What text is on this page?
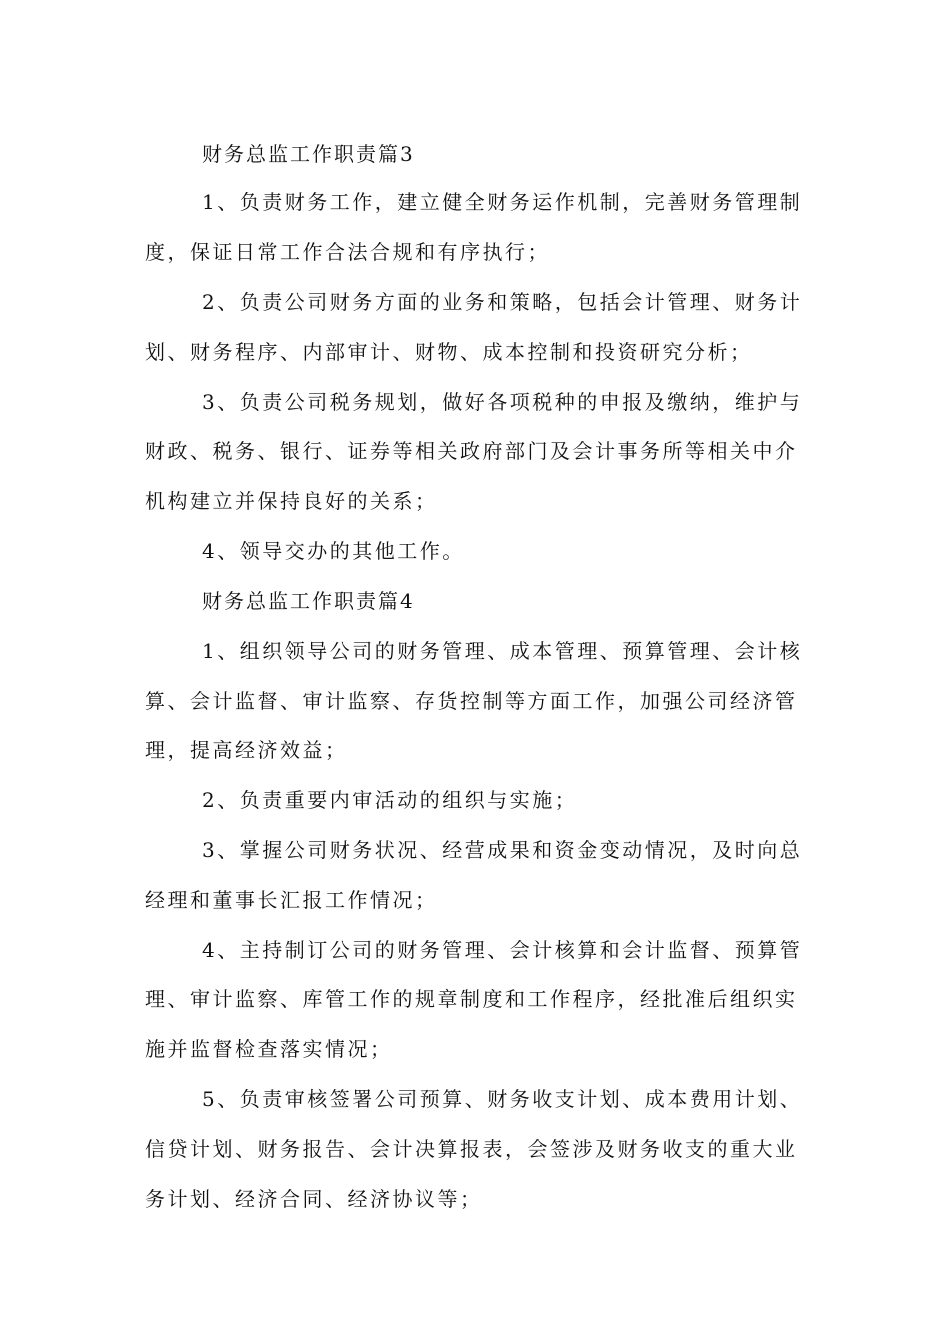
财务总监工作职责篇3
1、负责财务工作，建立健全财务运作机制，完善财务管理制
度，保证日常工作合法合规和有序执行；
2、负责公司财务方面的业务和策略，包括会计管理、财务计
划、财务程序、内部审计、财物、成本控制和投资研究分析；
3、负责公司税务规划，做好各项税种的申报及缴纳，维护与
财政、税务、银行、证券等相关政府部门及会计事务所等相关中介
机构建立并保持良好的关系；
4、领导交办的其他工作。
财务总监工作职责篇4
1、组织领导公司的财务管理、成本管理、预算管理、会计核
算、会计监督、审计监察、存货控制等方面工作，加强公司经济管
理，提高经济效益；
2、负责重要内审活动的组织与实施；
3、掌握公司财务状况、经营成果和资金变动情况，及时向总
经理和董事长汇报工作情况；
4、主持制订公司的财务管理、会计核算和会计监督、预算管
理、审计监察、库管工作的规章制度和工作程序，经批准后组织实
施并监督检查落实情况；
5、负责审核签署公司预算、财务收支计划、成本费用计划、
信贷计划、财务报告、会计决算报表，会签涉及财务收支的重大业
务计划、经济合同、经济协议等；
